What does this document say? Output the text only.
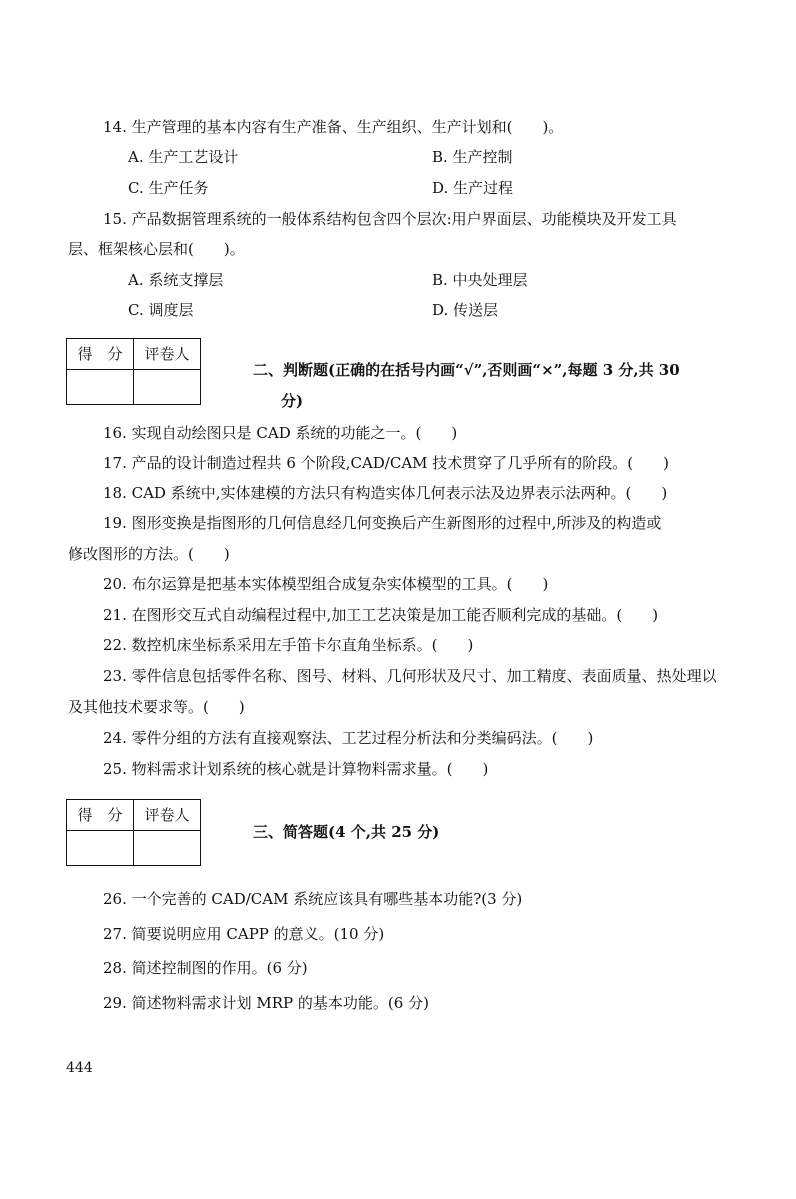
14. 生产管理的基本内容有生产准备、生产组织、生产计划和(　　)。
A. 生产工艺设计	B. 生产控制
C. 生产任务	D. 生产过程
15. 产品数据管理系统的一般体系结构包含四个层次:用户界面层、功能模块及开发工具
层、框架核心层和(　　)。
A. 系统支撑层	B. 中央处理层
C. 调度层	D. 传送层
得　分	评卷人

二、判断题(正确的在括号内画“√”,否则画“×”,每题 3 分,共 30
分)
16. 实现自动绘图只是 CAD 系统的功能之一。(　　)
17. 产品的设计制造过程共 6 个阶段,CAD/CAM 技术贯穿了几乎所有的阶段。(　　)
18. CAD 系统中,实体建模的方法只有构造实体几何表示法及边界表示法两种。(　　)
19. 图形变换是指图形的几何信息经几何变换后产生新图形的过程中,所涉及的构造或
修改图形的方法。(　　)
20. 布尔运算是把基本实体模型组合成复杂实体模型的工具。(　　)
21. 在图形交互式自动编程过程中,加工工艺决策是加工能否顺利完成的基础。(　　)
22. 数控机床坐标系采用左手笛卡尔直角坐标系。(　　)
23. 零件信息包括零件名称、图号、材料、几何形状及尺寸、加工精度、表面质量、热处理以
及其他技术要求等。(　　)
24. 零件分组的方法有直接观察法、工艺过程分析法和分类编码法。(　　)
25. 物料需求计划系统的核心就是计算物料需求量。(　　)
得　分	评卷人

三、简答题(4 个,共 25 分)
26. 一个完善的 CAD/CAM 系统应该具有哪些基本功能?(3 分)
27. 简要说明应用 CAPP 的意义。(10 分)
28. 简述控制图的作用。(6 分)
29. 简述物料需求计划 MRP 的基本功能。(6 分)
444
